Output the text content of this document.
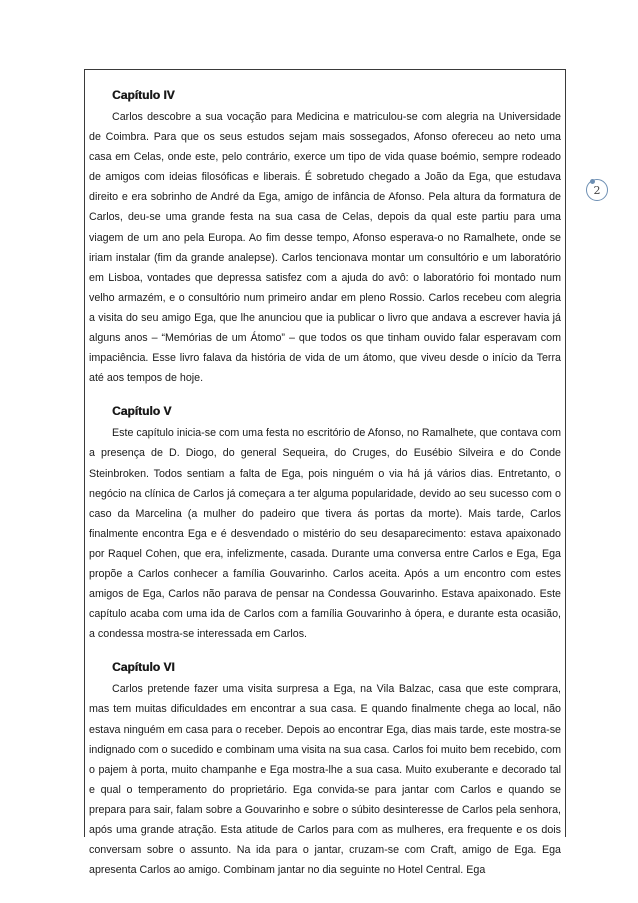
Capítulo IV

Carlos descobre a sua vocação para Medicina e matriculou-se com alegria na Universidade de Coimbra. Para que os seus estudos sejam mais sossegados, Afonso ofereceu ao neto uma casa em Celas, onde este, pelo contrário, exerce um tipo de vida quase boémio, sempre rodeado de amigos com ideias filosóficas e liberais. É sobretudo chegado a João da Ega, que estudava direito e era sobrinho de André da Ega, amigo de infância de Afonso. Pela altura da formatura de Carlos, deu-se uma grande festa na sua casa de Celas, depois da qual este partiu para uma viagem de um ano pela Europa. Ao fim desse tempo, Afonso esperava-o no Ramalhete, onde se iriam instalar (fim da grande analepse). Carlos tencionava montar um consultório e um laboratório em Lisboa, vontades que depressa satisfez com a ajuda do avô: o laboratório foi montado num velho armazém, e o consultório num primeiro andar em pleno Rossio. Carlos recebeu com alegria a visita do seu amigo Ega, que lhe anunciou que ia publicar o livro que andava a escrever havia já alguns anos – “Memórias de um Átomo” – que todos os que tinham ouvido falar esperavam com impaciência. Esse livro falava da história de vida de um átomo, que viveu desde o início da Terra até aos tempos de hoje.

Capítulo V

Este capítulo inicia-se com uma festa no escritório de Afonso, no Ramalhete, que contava com a presença de D. Diogo, do general Sequeira, do Cruges, do Eusébio Silveira e do Conde Steinbroken. Todos sentiam a falta de Ega, pois ninguém o via há já vários dias. Entretanto, o negócio na clínica de Carlos já começara a ter alguma popularidade, devido ao seu sucesso com o caso da Marcelina (a mulher do padeiro que tivera ás portas da morte). Mais tarde, Carlos finalmente encontra Ega e é desvendado o mistério do seu desaparecimento: estava apaixonado por Raquel Cohen, que era, infelizmente, casada. Durante uma conversa entre Carlos e Ega, Ega propõe a Carlos conhecer a família Gouvarinho. Carlos aceita. Após a um encontro com estes amigos de Ega, Carlos não parava de pensar na Condessa Gouvarinho. Estava apaixonado. Este capítulo acaba com uma ida de Carlos com a família Gouvarinho à ópera, e durante esta ocasião, a condessa mostra-se interessada em Carlos.

Capítulo VI

Carlos pretende fazer uma visita surpresa a Ega, na Vila Balzac, casa que este comprara, mas tem muitas dificuldades em encontrar a sua casa. E quando finalmente chega ao local, não estava ninguém em casa para o receber. Depois ao encontrar Ega, dias mais tarde, este mostra-se indignado com o sucedido e combinam uma visita na sua casa. Carlos foi muito bem recebido, com o pajem à porta, muito champanhe e Ega mostra-lhe a sua casa. Muito exuberante e decorado tal e qual o temperamento do proprietário. Ega convida-se para jantar com Carlos e quando se prepara para sair, falam sobre a Gouvarinho e sobre o súbito desinteresse de Carlos pela senhora, após uma grande atração. Esta atitude de Carlos para com as mulheres, era frequente e os dois conversam sobre o assunto. Na ida para o jantar, cruzam-se com Craft, amigo de Ega. Ega apresenta Carlos ao amigo. Combinam jantar no dia seguinte no Hotel Central. Ega

2
